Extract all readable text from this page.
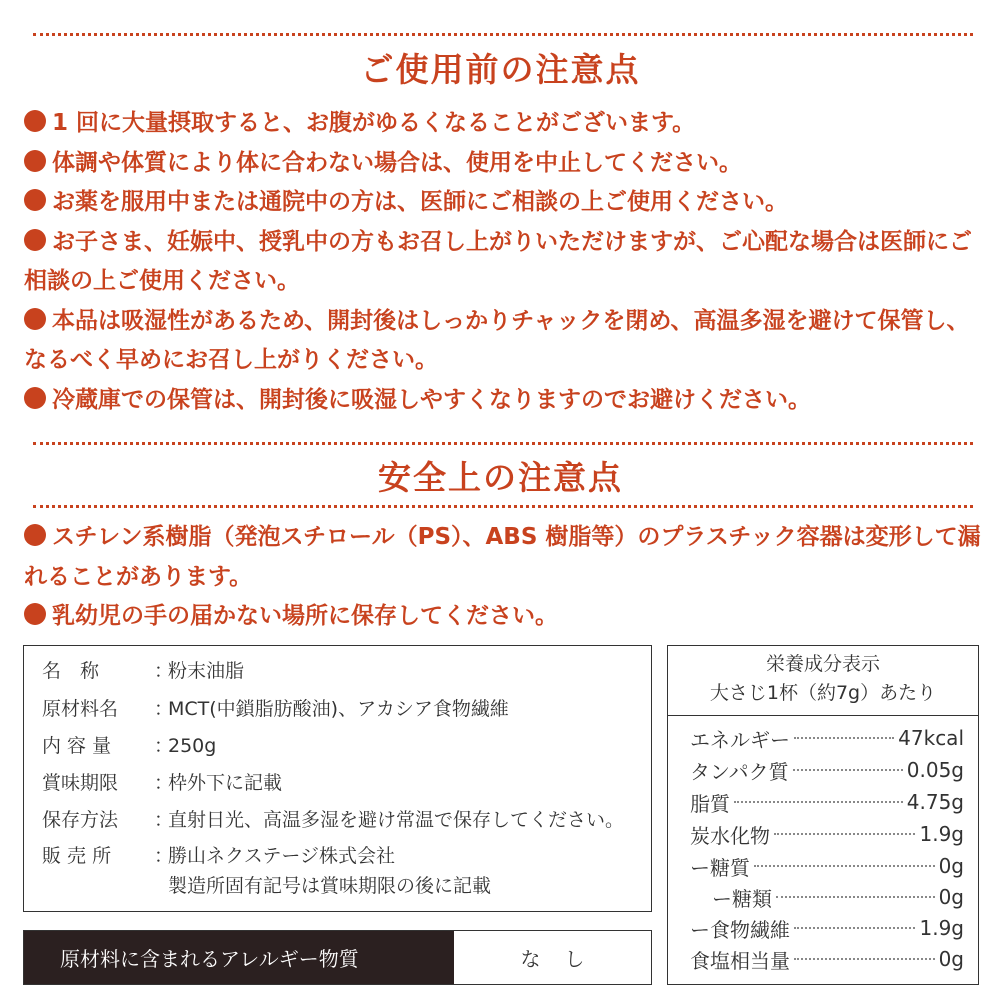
ご使用前の注意点
1 回に大量摂取すると、お腹がゆるくなることがございます。
体調や体質により体に合わない場合は、使用を中止してください。
お薬を服用中または通院中の方は、医師にご相談の上ご使用ください。
お子さま、妊娠中、授乳中の方もお召し上がりいただけますが、ご心配な場合は医師にご相談の上ご使用ください。
本品は吸湿性があるため、開封後はしっかりチャックを閉め、高温多湿を避けて保管し、なるべく早めにお召し上がりください。
冷蔵庫での保管は、開封後に吸湿しやすくなりますのでお避けください。
安全上の注意点
スチレン系樹脂（発泡スチロール（PS）、ABS 樹脂等）のプラスチック容器は変形して漏れることがあります。
乳幼児の手の届かない場所に保存してください。
名　称	：粉末油脂
原材料名 ：MCT(中鎖脂肪酸油)、アカシア食物繊維
内 容 量 ：250g
賞味期限 ：枠外下に記載
保存方法 ：直射日光、高温多湿を避け常温で保存してください。
販 売 所 ：勝山ネクステージ株式会社
製造所固有記号は賞味期限の後に記載
原材料に含まれるアレルギー物質	なし
栄養成分表示
大さじ1杯（約7g）あたり
エネルギー	47kcal
タンパク質	0.05g
脂質	4.75g
炭水化物	1.9g
ー糖質	0g
ー糖類	0g
ー食物繊維	1.9g
食塩相当量	0g
